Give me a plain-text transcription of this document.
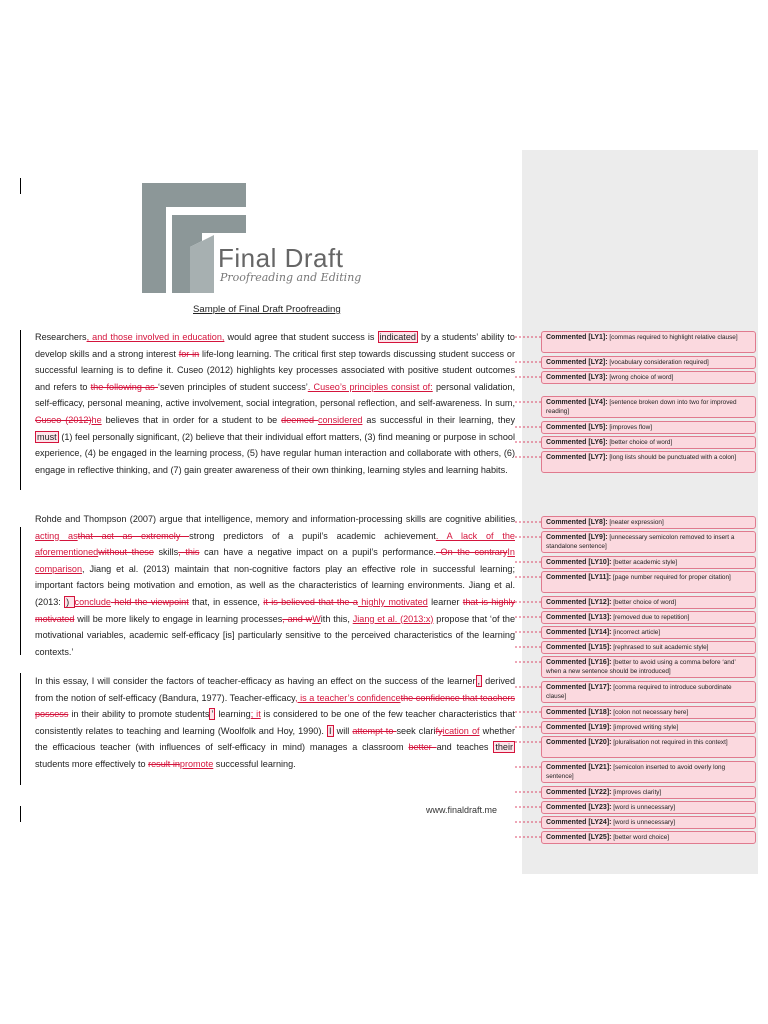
Final Draft
Proofreading and Editing
Sample of Final Draft Proofreading
Researchers, and those involved in education, would agree that student success is indicated by a students’ ability to develop skills and a strong interest for in life-long learning. The critical first step towards discussing student success or successful learning is to define it. Cuseo (2012) highlights key processes associated with positive student outcomes and refers to the following as ‘seven principles of student success’. Cuseo’s principles consist of: personal validation, self-efficacy, personal meaning, active involvement, social integration, personal reflection, and self-awareness. In sum, Cuseo (2012)he believes that in order for a student to be deemed considered as successful in their learning, they must (1) feel personally significant, (2) believe that their individual effort matters, (3) find meaning or purpose in school experience, (4) be engaged in the learning process, (5) have regular human interaction and collaborate with others, (6) engage in reflective thinking, and (7) gain greater awareness of their own thinking, learning styles and learning habits.
Rohde and Thompson (2007) argue that intelligence, memory and information-processing skills are cognitive abilities acting asthat act as extremely strong predictors of a pupil’s academic achievement. A lack of the aforementionedwithout these skills, this can have a negative impact on a pupil’s performance. On the contraryIn comparison, Jiang et al. (2013) maintain that non-cognitive factors play an effective role in successful learning; important factors being motivation and emotion, as well as the characteristics of learning environments. Jiang et al. (2013: ) conclude held the viewpoint that, in essence, it is believed that the a highly motivated learner that is highly motivated will be more likely to engage in learning processes, and wWith this, Jiang et al. (2013:x) propose that ‘of the motivational variables, academic self-efficacy [is] particularly sensitive to the perceived characteristics of the learning contexts.’
In this essay, I will consider the factors of teacher-efficacy as having an effect on the success of the learner , derived from the notion of self-efficacy (Bandura, 1977). Teacher-efficacy, is a teacher’s confidencethe confidence that teachers possess in their ability to promote students ’ learning; it is considered to be one of the few teacher characteristics that consistently relates to teaching and learning (Woolfolk and Hoy, 1990). I will attempt to seek clarifyication of whether the efficacious teacher (with influences of self-efficacy in mind) manages a classroom better and teaches their students more effectively to result inpromote successful learning.
www.finaldraft.me
Commented [LY1]: [commas required to highlight relative clause]
Commented [LY2]: [vocabulary consideration required]
Commented [LY3]: [wrong choice of word]
Commented [LY4]: [sentence broken down into two for improved reading]
Commented [LY5]: [improves flow]
Commented [LY6]: [better choice of word]
Commented [LY7]: [long lists should be punctuated with a colon]
Commented [LY8]: [neater expression]
Commented [LY9]: [unnecessary semicolon removed to insert a standalone sentence]
Commented [LY10]: [better academic style]
Commented [LY11]: [page number required for proper citation]
Commented [LY12]: [better choice of word]
Commented [LY13]: [removed due to repetition]
Commented [LY14]: [incorrect article]
Commented [LY15]: [rephrased to suit academic style]
Commented [LY16]: [better to avoid using a comma before ‘and’ when a new sentence should be introduced]
Commented [LY17]: [comma required to introduce subordinate clause]
Commented [LY18]: [colon not necessary here]
Commented [LY19]: [improved writing style]
Commented [LY20]: [pluralisation not required in this context]
Commented [LY21]: [semicolon inserted to avoid overly long sentence]
Commented [LY22]: [improves clarity]
Commented [LY23]: [word is unnecessary]
Commented [LY24]: [word is unnecessary]
Commented [LY25]: [better word choice]
